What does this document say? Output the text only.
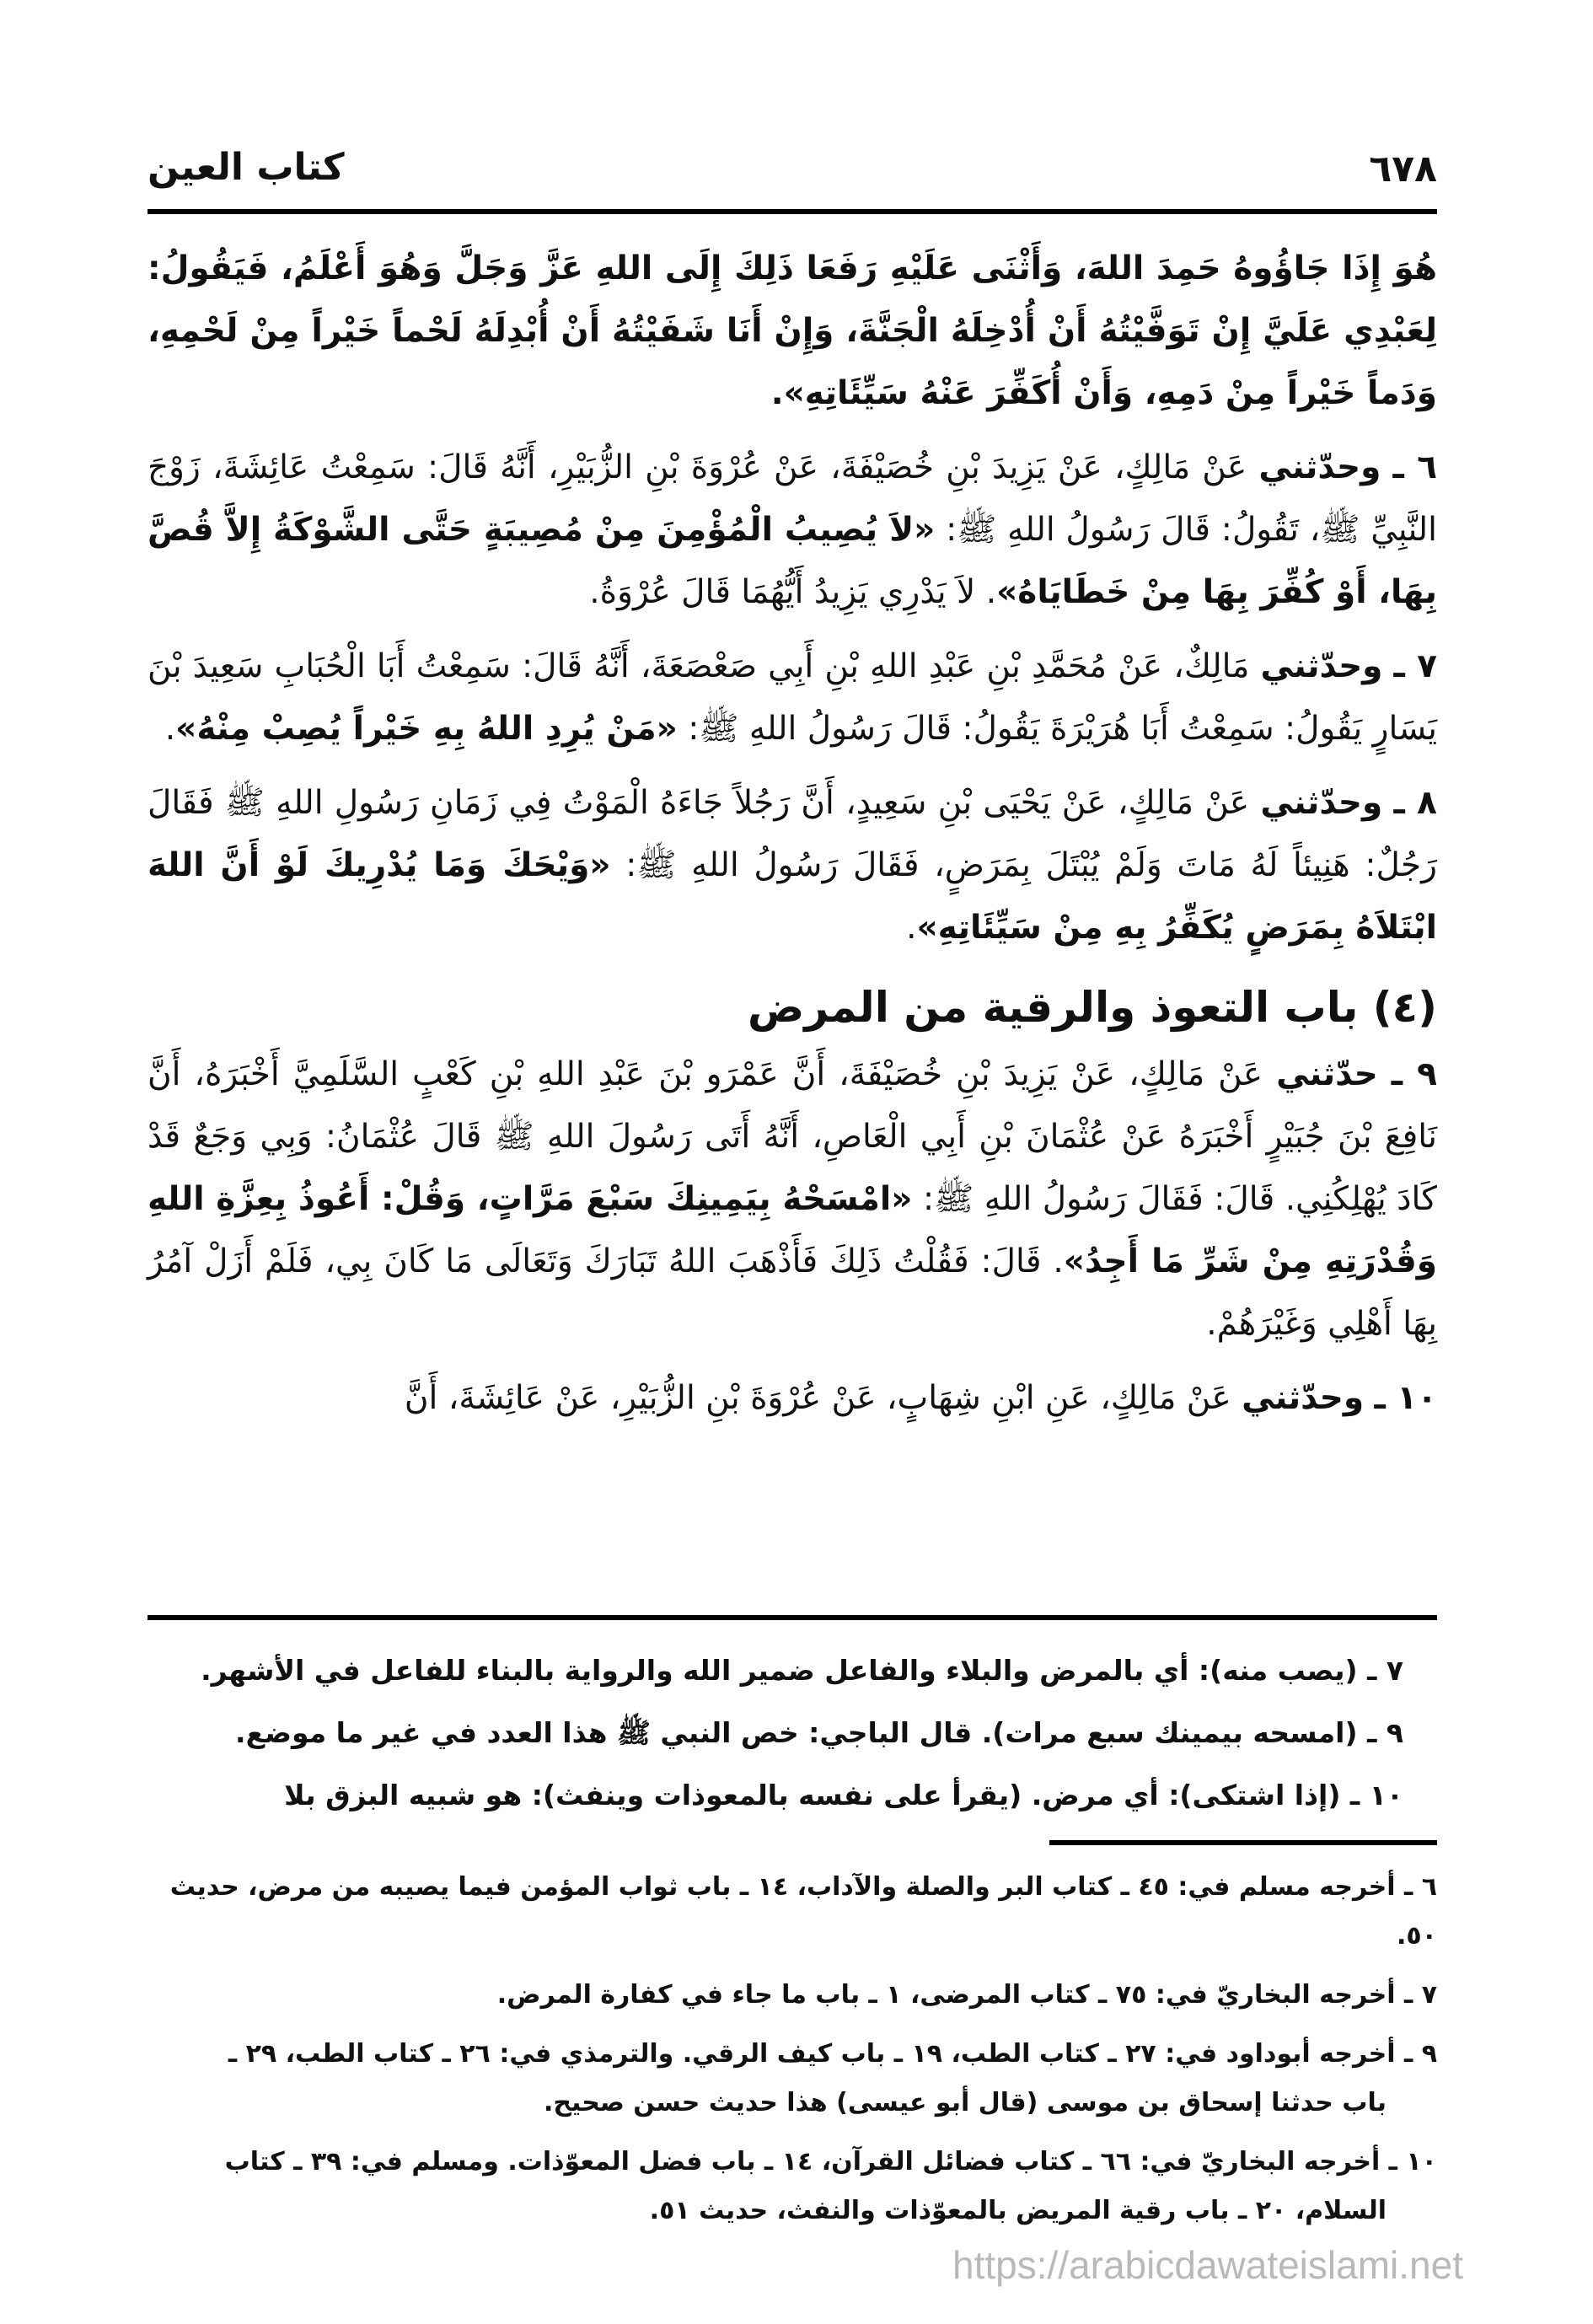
٦٧٨
كتاب العين

هُوَ إِذَا جَاؤُوهُ حَمِدَ اللهَ، وَأَثْنَى عَلَيْهِ رَفَعَا ذَلِكَ إِلَى اللهِ عَزَّ وَجَلَّ وَهُوَ أَعْلَمُ، فَيَقُولُ: لِعَبْدِي عَلَيَّ إِنْ تَوَفَّيْتُهُ أَنْ أُدْخِلَهُ الْجَنَّةَ، وَإِنْ أَنَا شَفَيْتُهُ أَنْ أُبْدِلَهُ لَحْماً خَيْراً مِنْ لَحْمِهِ، وَدَماً خَيْراً مِنْ دَمِهِ، وَأَنْ أُكَفِّرَ عَنْهُ سَيِّئَاتِهِ».

٦ ـ وحدّثني عَنْ مَالِكٍ، عَنْ يَزِيدَ بْنِ خُصَيْفَةَ، عَنْ عُرْوَةَ بْنِ الزُّبَيْرِ، أَنَّهُ قَالَ: سَمِعْتُ عَائِشَةَ، زَوْجَ النَّبِيِّ ﷺ، تَقُولُ: قَالَ رَسُولُ اللهِ ﷺ: «لاَ يُصِيبُ الْمُؤْمِنَ مِنْ مُصِيبَةٍ حَتَّى الشَّوْكَةُ إِلاَّ قُصَّ بِهَا، أَوْ كُفِّرَ بِهَا مِنْ خَطَايَاهُ». لاَ يَدْرِي يَزِيدُ أَيُّهُمَا قَالَ عُرْوَةُ.

٧ ـ وحدّثني مَالِكٌ، عَنْ مُحَمَّدِ بْنِ عَبْدِ اللهِ بْنِ أَبِي صَعْصَعَةَ، أَنَّهُ قَالَ: سَمِعْتُ أَبَا الْحُبَابِ سَعِيدَ بْنَ يَسَارٍ يَقُولُ: سَمِعْتُ أَبَا هُرَيْرَةَ يَقُولُ: قَالَ رَسُولُ اللهِ ﷺ: «مَنْ يُرِدِ اللهُ بِهِ خَيْراً يُصِبْ مِنْهُ».

٨ ـ وحدّثني عَنْ مَالِكٍ، عَنْ يَحْيَى بْنِ سَعِيدٍ، أَنَّ رَجُلاً جَاءَهُ الْمَوْتُ فِي زَمَانِ رَسُولِ اللهِ ﷺ فَقَالَ رَجُلٌ: هَنِيئاً لَهُ مَاتَ وَلَمْ يُبْتَلَ بِمَرَضٍ، فَقَالَ رَسُولُ اللهِ ﷺ: «وَيْحَكَ وَمَا يُدْرِيكَ لَوْ أَنَّ اللهَ ابْتَلاَهُ بِمَرَضٍ يُكَفِّرُ بِهِ مِنْ سَيِّئَاتِهِ».

(٤) باب التعوذ والرقية من المرض

٩ ـ حدّثني عَنْ مَالِكٍ، عَنْ يَزِيدَ بْنِ خُصَيْفَةَ، أَنَّ عَمْرَو بْنَ عَبْدِ اللهِ بْنِ كَعْبٍ السَّلَمِيَّ أَخْبَرَهُ، أَنَّ نَافِعَ بْنَ جُبَيْرٍ أَخْبَرَهُ عَنْ عُثْمَانَ بْنِ أَبِي الْعَاصِ، أَنَّهُ أَتَى رَسُولَ اللهِ ﷺ قَالَ عُثْمَانُ: وَبِي وَجَعٌ قَدْ كَادَ يُهْلِكُنِي. قَالَ: فَقَالَ رَسُولُ اللهِ ﷺ: «امْسَحْهُ بِيَمِينِكَ سَبْعَ مَرَّاتٍ، وَقُلْ: أَعُوذُ بِعِزَّةِ اللهِ وَقُدْرَتِهِ مِنْ شَرِّ مَا أَجِدُ». قَالَ: فَقُلْتُ ذَلِكَ فَأَذْهَبَ اللهُ تَبَارَكَ وَتَعَالَى مَا كَانَ بِي، فَلَمْ أَزَلْ آمُرُ بِهَا أَهْلِي وَغَيْرَهُمْ.

١٠ ـ وحدّثني عَنْ مَالِكٍ، عَنِ ابْنِ شِهَابٍ، عَنْ عُرْوَةَ بْنِ الزُّبَيْرِ، عَنْ عَائِشَةَ، أَنَّ

٧ ـ (يصب منه): أي بالمرض والبلاء والفاعل ضمير الله والرواية بالبناء للفاعل في الأشهر.

٩ ـ (امسحه بيمينك سبع مرات). قال الباجي: خص النبي ﷺ هذا العدد في غير ما موضع.

١٠ ـ (إذا اشتكى): أي مرض. (يقرأ على نفسه بالمعوذات وينفث): هو شبيه البزق بلا

٦ ـ أخرجه مسلم في: ٤٥ ـ كتاب البر والصلة والآداب، ١٤ ـ باب ثواب المؤمن فيما يصيبه من مرض، حديث ٥٠.

٧ ـ أخرجه البخاريّ في: ٧٥ ـ كتاب المرضى، ١ ـ باب ما جاء في كفارة المرض.

٩ ـ أخرجه أبوداود في: ٢٧ ـ كتاب الطب، ١٩ ـ باب كيف الرقي. والترمذي في: ٢٦ ـ كتاب الطب، ٢٩ ـ
باب حدثنا إسحاق بن موسى (قال أبو عيسى) هذا حديث حسن صحيح.

١٠ ـ أخرجه البخاريّ في: ٦٦ ـ كتاب فضائل القرآن، ١٤ ـ باب فضل المعوّذات. ومسلم في: ٣٩ ـ كتاب
السلام، ٢٠ ـ باب رقية المريض بالمعوّذات والنفث، حديث ٥١.

https://arabicdawateislami.net
